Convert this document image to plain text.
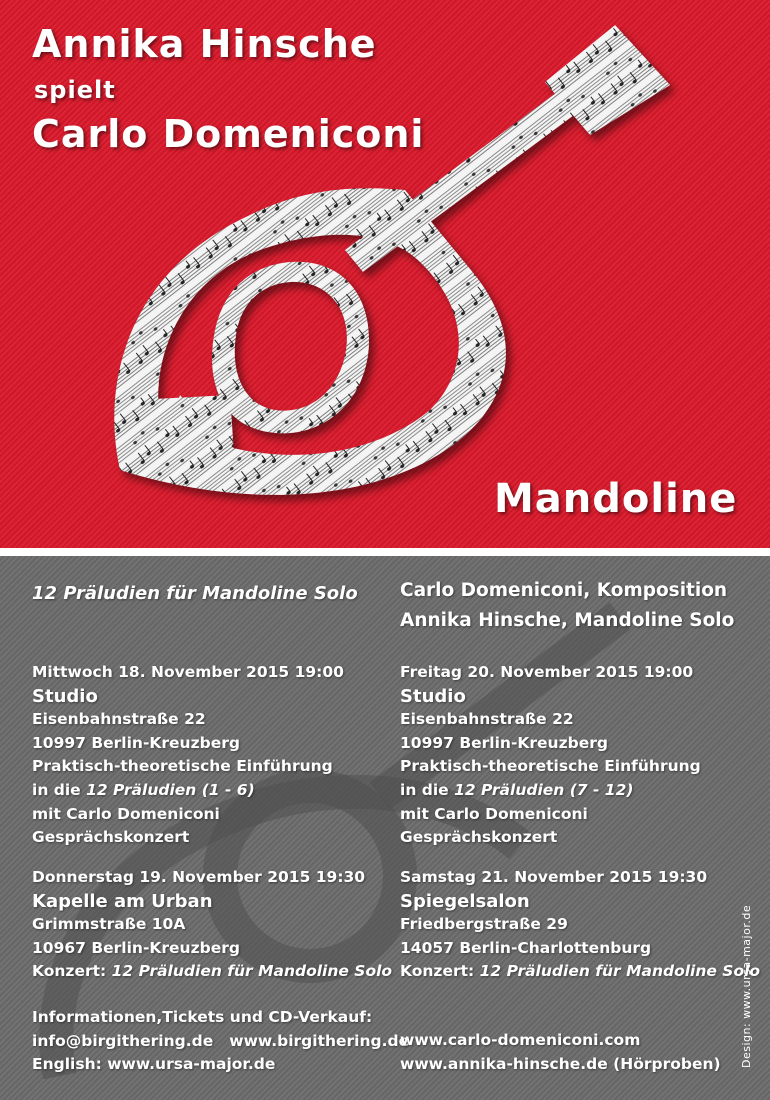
Annika Hinsche
spielt
Carlo Domeniconi
Mandoline
12 Präludien für Mandoline Solo Carlo Domeniconi, Komposition
Annika Hinsche, Mandoline Solo
Mittwoch 18. November 2015 19:00
Studio
Eisenbahnstraße 22
10997 Berlin-Kreuzberg
Praktisch-theoretische Einführung
in die 12 Präludien (1 - 6)
mit Carlo Domeniconi
Gesprächskonzert
Freitag 20. November 2015 19:00
Studio
Eisenbahnstraße 22
10997 Berlin-Kreuzberg
Praktisch-theoretische Einführung
in die 12 Präludien (7 - 12)
mit Carlo Domeniconi
Gesprächskonzert
Donnerstag 19. November 2015 19:30
Kapelle am Urban
Grimmstraße 10A
10967 Berlin-Kreuzberg
Konzert: 12 Präludien für Mandoline Solo
Samstag 21. November 2015 19:30
Spiegelsalon
Friedbergstraße 29
14057 Berlin-Charlottenburg
Konzert: 12 Präludien für Mandoline Solo
Informationen,Tickets und CD-Verkauf:
info@birgithering.de www.birgithering.de
English: www.ursa-major.de
www.carlo-domeniconi.com
www.annika-hinsche.de (Hörproben) Design: www.ursa-major.de
